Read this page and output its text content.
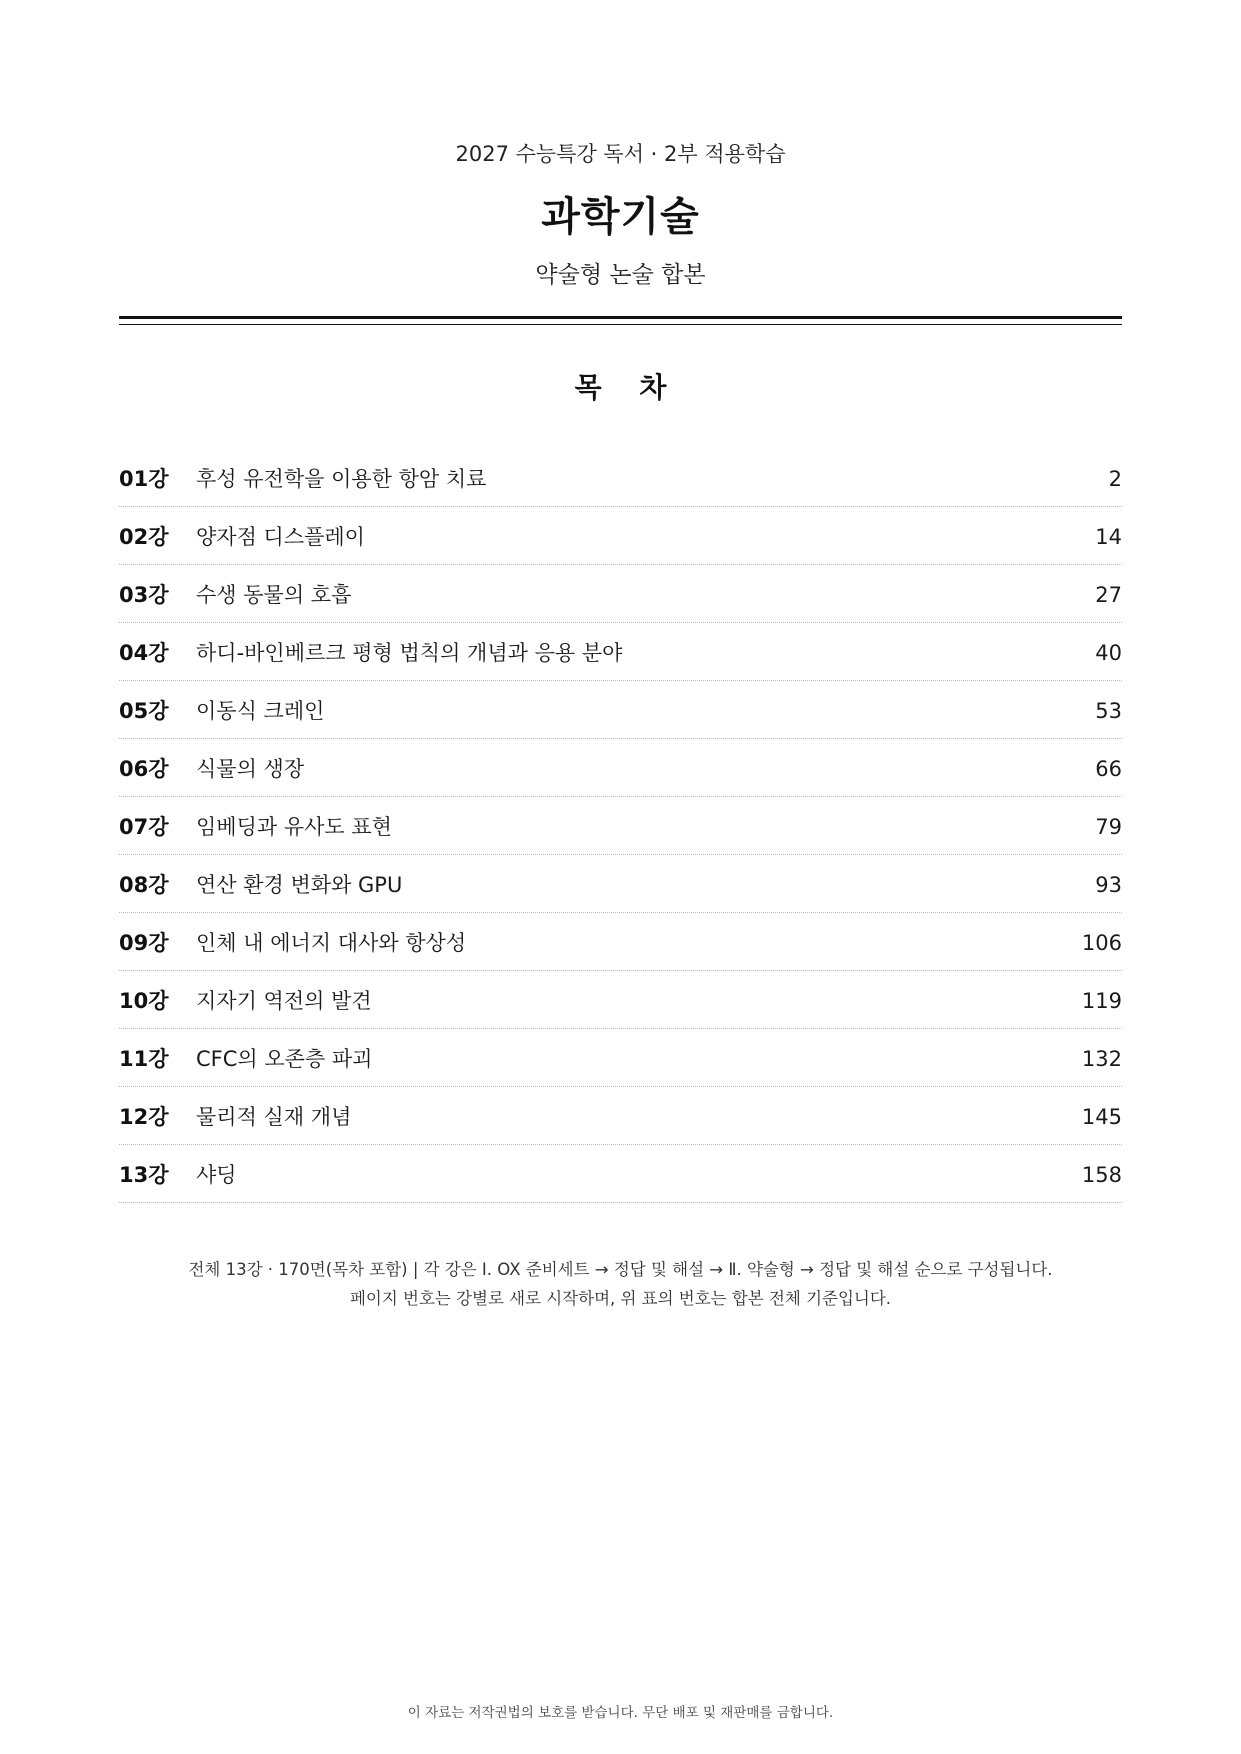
2027 수능특강 독서 · 2부 적용학습
과학기술
약술형 논술 합본
목 차
01강 후성 유전학을 이용한 항암 치료	2
02강 양자점 디스플레이	14
03강 수생 동물의 호흡	27
04강 하디-바인베르크 평형 법칙의 개념과 응용 분야	40
05강 이동식 크레인	53
06강 식물의 생장	66
07강 임베딩과 유사도 표현	79
08강 연산 환경 변화와 GPU	93
09강 인체 내 에너지 대사와 항상성	106
10강 지자기 역전의 발견	119
11강 CFC의 오존층 파괴	132
12강 물리적 실재 개념	145
13강 샤딩	158
전체 13강 · 170면(목차 포함) | 각 강은 Ⅰ. OX 준비세트 → 정답 및 해설 → Ⅱ. 약술형 → 정답 및 해설 순으로 구성됩니다.
페이지 번호는 강별로 새로 시작하며, 위 표의 번호는 합본 전체 기준입니다.
이 자료는 저작권법의 보호를 받습니다. 무단 배포 및 재판매를 금합니다.
